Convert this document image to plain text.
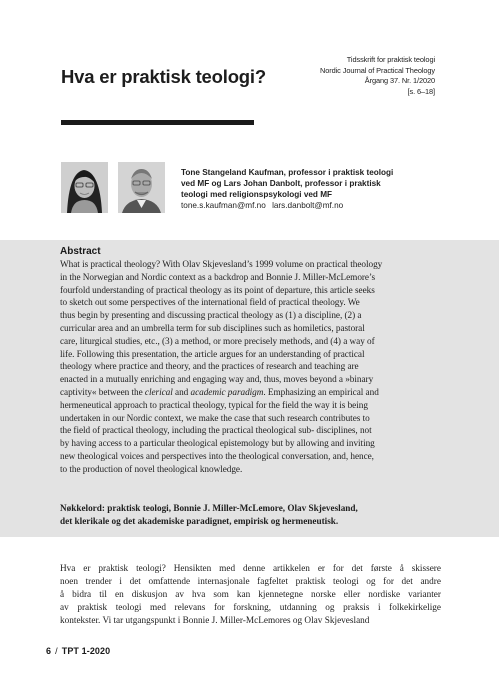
Tidsskrift for praktisk teologi
Nordic Journal of Practical Theology
Årgang 37. Nr. 1/2020
[s. 6–18]
Hva er praktisk teologi?
Tone Stangeland Kaufman, professor i praktisk teologi
ved MF og Lars Johan Danbolt, professor i praktisk
teologi med religionspsykologi ved MF
tone.s.kaufman@mf.no lars.danbolt@mf.no
Abstract
What is practical theology? With Olav Skjevesland’s 1999 volume on practical theology
in the Norwegian and Nordic context as a backdrop and Bonnie J. Miller-McLemore’s
fourfold understanding of practical theology as its point of departure, this article seeks
to sketch out some perspectives of the international field of practical theology. We
thus begin by presenting and discussing practical theology as (1) a discipline, (2) a
curricular area and an umbrella term for sub disciplines such as homiletics, pastoral
care, liturgical studies, etc., (3) a method, or more precisely methods, and (4) a way of
life. Following this presentation, the article argues for an understanding of practical
theology where practice and theory, and the practices of research and teaching are
enacted in a mutually enriching and engaging way and, thus, moves beyond a »binary
captivity« between the clerical and academic paradigm. Emphasizing an empirical and
hermeneutical approach to practical theology, typical for the field the way it is being
undertaken in our Nordic context, we make the case that such research contributes to
the field of practical theology, including the practical theological sub- disciplines, not
by having access to a particular theological epistemology but by allowing and inviting
new theological voices and perspectives into the theological conversation, and, hence,
to the production of novel theological knowledge.
Nøkkelord: praktisk teologi, Bonnie J. Miller-McLemore, Olav Skjevesland,
det klerikale og det akademiske paradignet, empirisk og hermeneutisk.
Hva er praktisk teologi? Hensikten med denne artikkelen er for det første å skissere
noen trender i det omfattende internasjonale fagfeltet praktisk teologi og for det andre
å bidra til en diskusjon av hva som kan kjennetegne norske eller nordiske varianter
av praktisk teologi med relevans for forskning, utdanning og praksis i folkekirkelige
kontekster. Vi tar utgangspunkt i Bonnie J. Miller-McLemores og Olav Skjevesland
6 / TPT 1-2020
